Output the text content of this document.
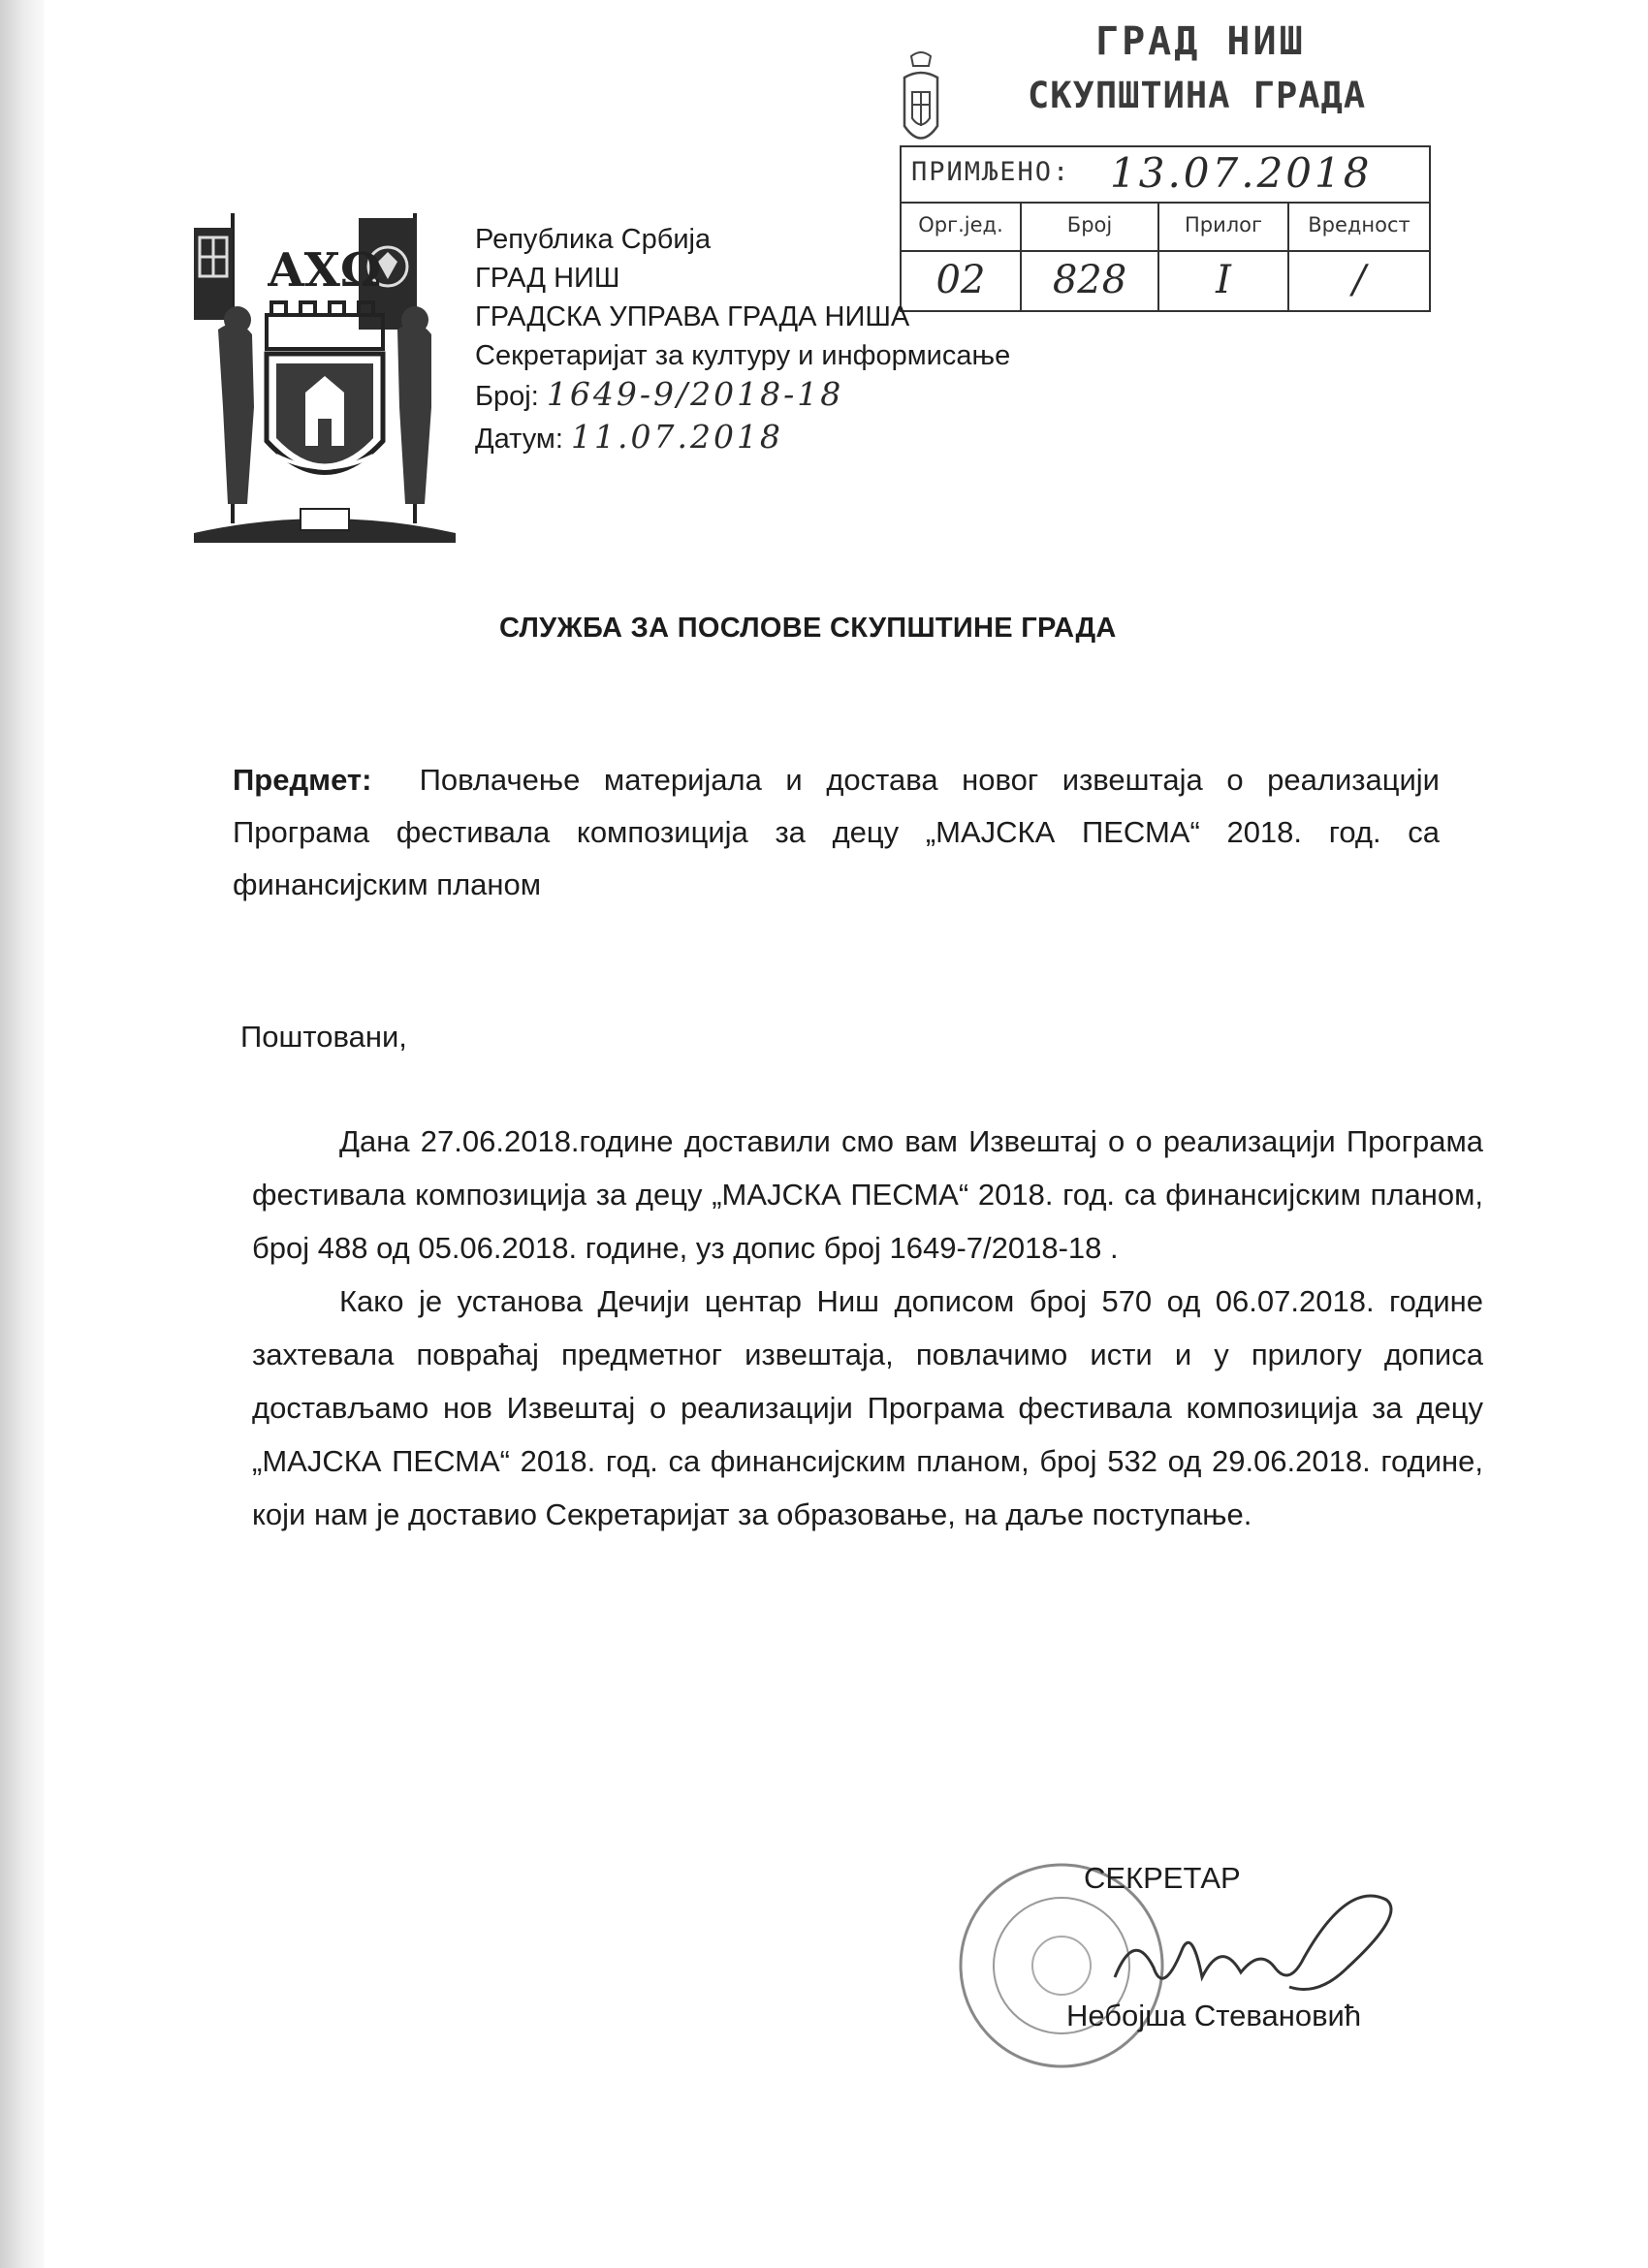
ГРАД НИШ
СКУПШТИНА ГРАДА
ПРИМЉЕНО: 13.07.2018
Орг.јед.	Број	Прилог	Вредност
02	828	I	/
ΑΧΩ
Република Србија
ГРАД НИШ
ГРАДСКА УПРАВА ГРАДА НИША
Секретаријат за културу и информисање
Број: 1649-9/2018-18
Датум: 11.07.2018
СЛУЖБА ЗА ПОСЛОВЕ СКУПШТИНЕ ГРАДА
Предмет: Повлачење материјала и достава новог извештаја о реализацији Програма фестивала композиција за децу „МАЈСКА ПЕСМА“ 2018. год. са финансијским планом
Поштовани,

Дана 27.06.2018.године доставили смо вам Извештај о о реализацији Програма фестивала композиција за децу „МАЈСКА ПЕСМА“ 2018. год. са финансијским планом, број 488 од 05.06.2018. године, уз допис број 1649-7/2018-18 .

Како је установа Дечији центар Ниш дописом број 570 од 06.07.2018. године захтевала повраћај предметног извештаја, повлачимо исти и у прилогу дописа достављамо нов Извештај о реализацији Програма фестивала композиција за децу „МАЈСКА ПЕСМА“ 2018. год. са финансијским планом, број 532 од 29.06.2018. године, који нам је доставио Секретаријат за образовање, на даље поступање.

СЕКРЕТАР
Небојша Стевановић
